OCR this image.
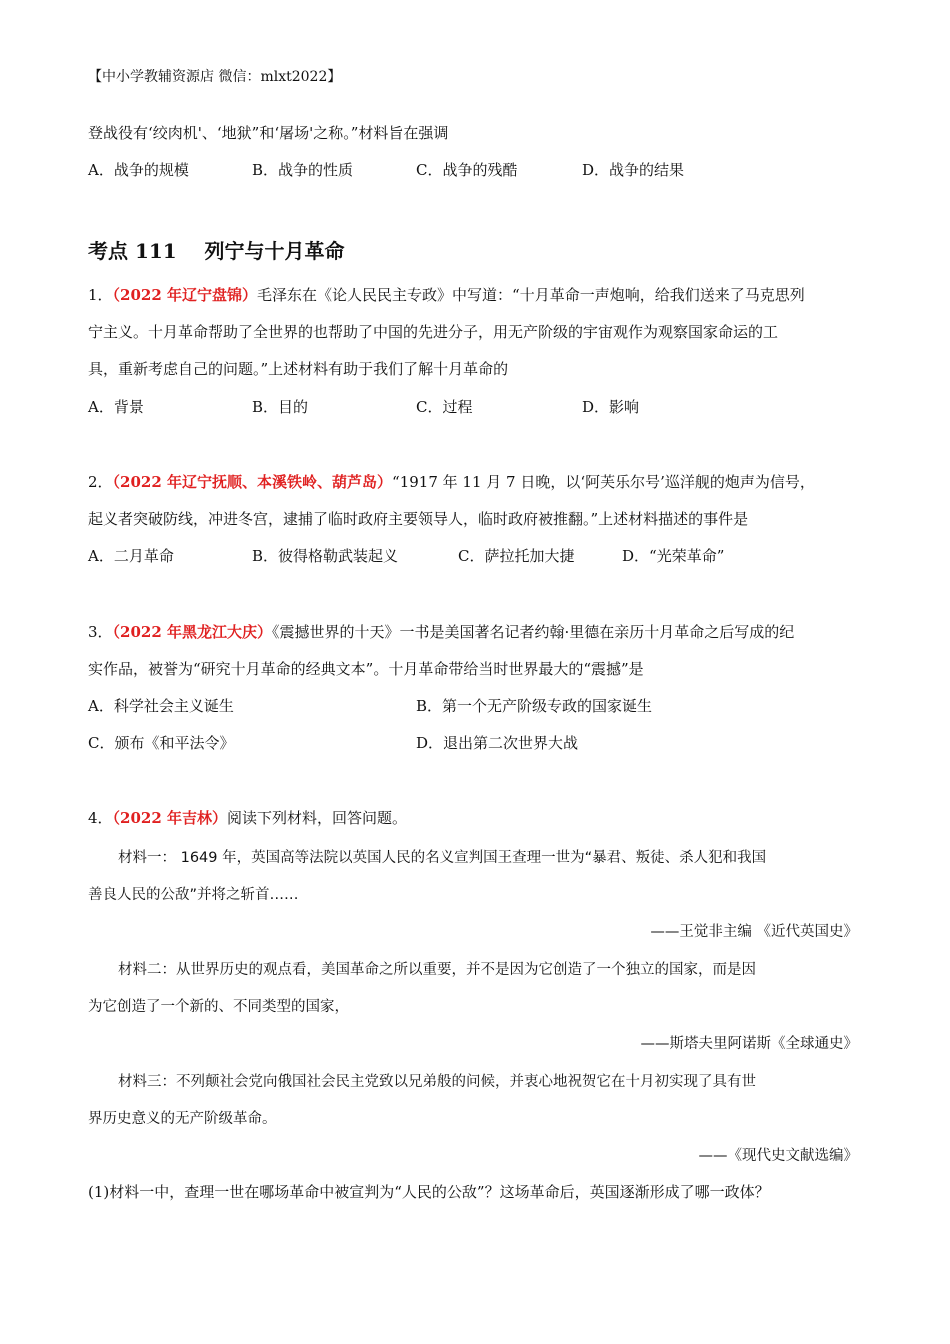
【中小学教辅资源店 微信：mlxt2022】
登战役有‘绞肉机'、‘地狱”和‘屠场'之称。”材料旨在强调
A．战争的规模	B．战争的性质	C．战争的残酷	D．战争的结果
考点 111    列宁与十月革命
1．（2022 年辽宁盘锦）毛泽东在《论人民民主专政》中写道：“十月革命一声炮响，给我们送来了马克思列
宁主义。十月革命帮助了全世界的也帮助了中国的先进分子，用无产阶级的宇宙观作为观察国家命运的工
具，重新考虑自己的问题。”上述材料有助于我们了解十月革命的
A．背景	B．目的	C．过程	D．影响
2．（2022 年辽宁抚顺、本溪铁岭、葫芦岛）“1917 年 11 月 7 日晚，以‘阿芙乐尔号’巡洋舰的炮声为信号，
起义者突破防线，冲进冬宫，逮捕了临时政府主要领导人，临时政府被推翻。”上述材料描述的事件是
A．二月革命	B．彼得格勒武装起义	C．萨拉托加大捷	D．“光荣革命”
3．（2022 年黑龙江大庆）《震撼世界的十天》一书是美国著名记者约翰·里德在亲历十月革命之后写成的纪
实作品，被誉为“研究十月革命的经典文本”。十月革命带给当时世界最大的“震撼”是
A．科学社会主义诞生	B．第一个无产阶级专政的国家诞生
C．颁布《和平法令》	D．退出第二次世界大战
4．（2022 年吉林）阅读下列材料，回答问题。
材料一： 1649 年，英国高等法院以英国人民的名义宣判国王查理一世为“暴君、叛徒、杀人犯和我国
善良人民的公敌”并将之斩首……
——王觉非主编 《近代英国史》
材料二：从世界历史的观点看，美国革命之所以重要，并不是因为它创造了一个独立的国家，而是因
为它创造了一个新的、不同类型的国家，
——斯塔夫里阿诺斯《全球通史》
材料三：不列颠社会党向俄国社会民主党致以兄弟般的问候，并衷心地祝贺它在十月初实现了具有世
界历史意义的无产阶级革命。
——《现代史文献选编》
(1)材料一中，查理一世在哪场革命中被宣判为“人民的公敌”？这场革命后，英国逐渐形成了哪一政体？
